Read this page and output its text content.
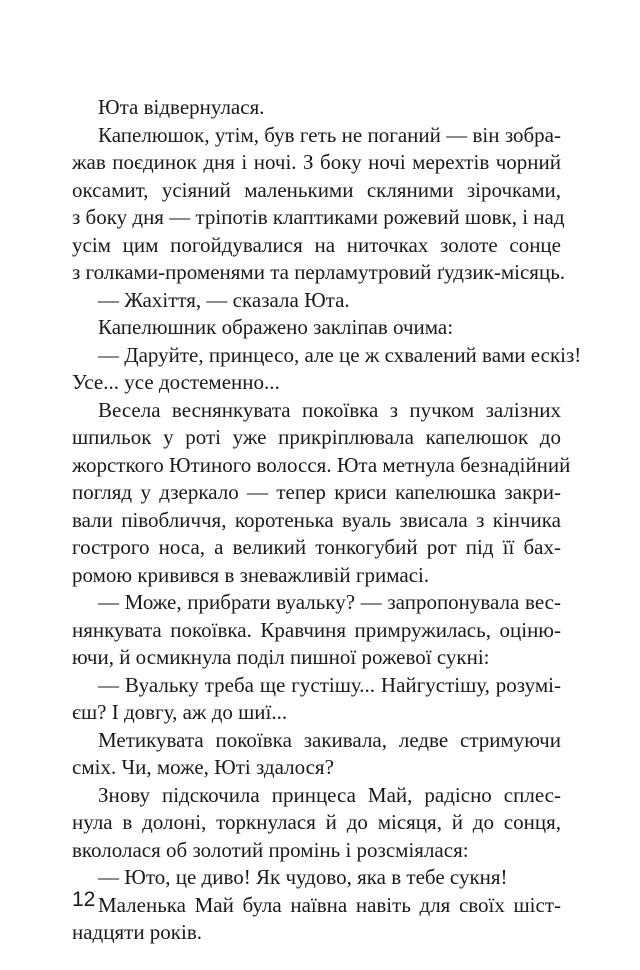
Юта відвернулася.
Капелюшок, утім, був геть не поганий — він зобра-
жав поєдинок дня і ночі. З боку ночі мерехтів чорний
оксамит, усіяний маленькими скляними зірочками,
з боку дня — тріпотів клаптиками рожевий шовк, і над
усім цим погойдувалися на ниточках золоте сонце
з голками-променями та перламутровий ґудзик-місяць.
— Жахіття, — сказала Юта.
Капелюшник ображено закліпав очима:
— Даруйте, принцесо, але це ж схвалений вами ескіз!
Усе... усе достеменно...
Весела веснянкувата покоївка з пучком залізних
шпильок у роті уже прикріплювала капелюшок до
жорсткого Ютиного волосся. Юта метнула безнадійний
погляд у дзеркало — тепер криси капелюшка закри-
вали півобличчя, коротенька вуаль звисала з кінчика
гострого носа, а великий тонкогубий рот під її бах-
ромою кривився в зневажливій гримасі.
— Може, прибрати вуальку? — запропонувала вес-
нянкувата покоївка. Кравчиня примружилась, оціню-
ючи, й осмикнула поділ пишної рожевої сукні:
— Вуальку треба ще густішу... Найгустішу, розумі-
єш? І довгу, аж до шиї...
Метикувата покоївка закивала, ледве стримуючи
сміх. Чи, може, Юті здалося?
Знову підскочила принцеса Май, радісно сплес-
нула в долоні, торкнулася й до місяця, й до сонця,
вкололася об золотий промінь і розсміялася:
— Юто, це диво! Як чудово, яка в тебе сукня!
Маленька Май була наївна навіть для своїх шіст-
надцяти років.
12
